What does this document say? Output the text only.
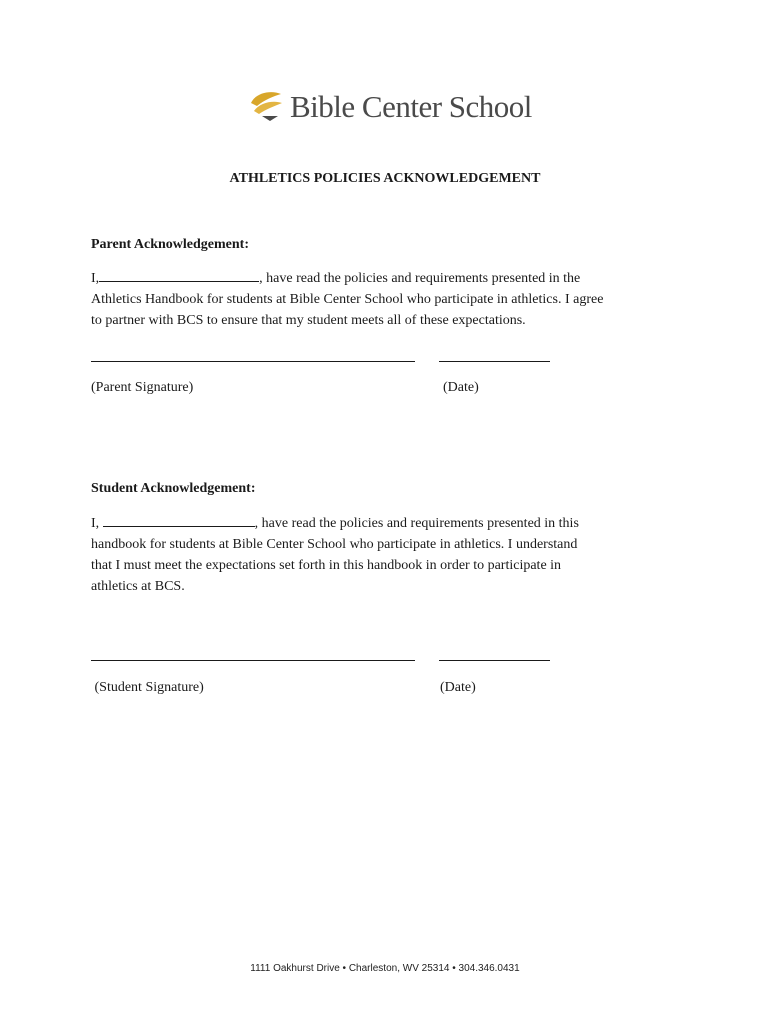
Bible Center School
ATHLETICS POLICIES ACKNOWLEDGEMENT
Parent Acknowledgement:
I,	, have read the policies and requirements presented in the
Athletics Handbook for students at Bible Center School who participate in athletics. I agree
to partner with BCS to ensure that my student meets all of these expectations.
(Parent Signature)	(Date)
Student Acknowledgement:
I,	, have read the policies and requirements presented in this
handbook for students at Bible Center School who participate in athletics. I understand
that I must meet the expectations set forth in this handbook in order to participate in
athletics at BCS.
(Student Signature)	(Date)
1111 Oakhurst Drive • Charleston, WV 25314 • 304.346.0431
